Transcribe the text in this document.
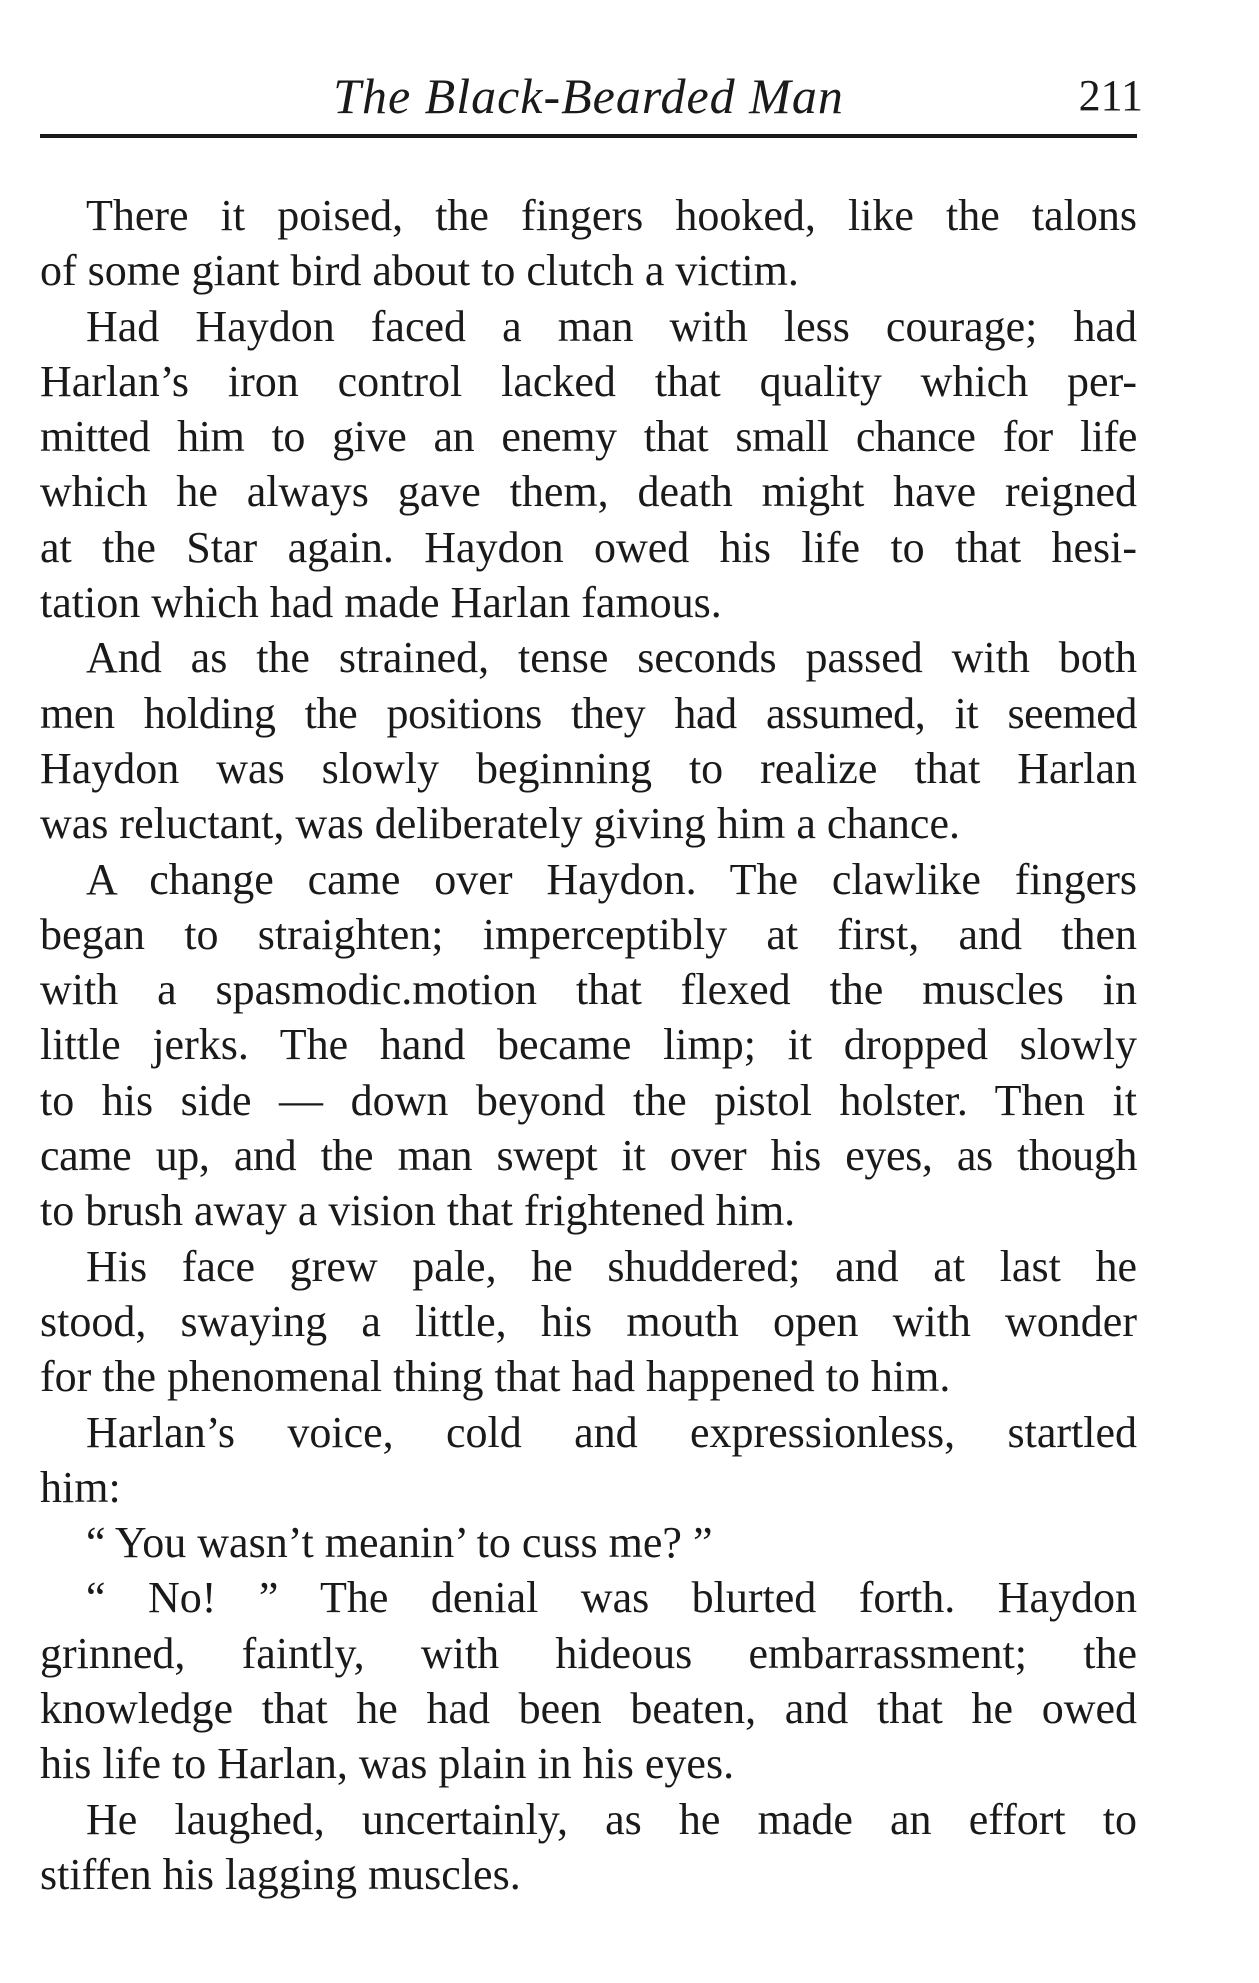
The Black-Bearded Man	211
There it poised, the fingers hooked, like the talons
of some giant bird about to clutch a victim.
Had Haydon faced a man with less courage; had
Harlan’s iron control lacked that quality which per-
mitted him to give an enemy that small chance for life
which he always gave them, death might have reigned
at the Star again. Haydon owed his life to that hesi-
tation which had made Harlan famous.
And as the strained, tense seconds passed with both
men holding the positions they had assumed, it seemed
Haydon was slowly beginning to realize that Harlan
was reluctant, was deliberately giving him a chance.
A change came over Haydon. The clawlike fingers
began to straighten; imperceptibly at first, and then
with a spasmodic.motion that flexed the muscles in
little jerks. The hand became limp; it dropped slowly
to his side — down beyond the pistol holster. Then it
came up, and the man swept it over his eyes, as though
to brush away a vision that frightened him.
His face grew pale, he shuddered; and at last he
stood, swaying a little, his mouth open with wonder
for the phenomenal thing that had happened to him.
Harlan’s voice, cold and expressionless, startled
him:
“ You wasn’t meanin’ to cuss me? ”
“ No! ” The denial was blurted forth. Haydon
grinned, faintly, with hideous embarrassment; the
knowledge that he had been beaten, and that he owed
his life to Harlan, was plain in his eyes.
He laughed, uncertainly, as he made an effort to
stiffen his lagging muscles.
